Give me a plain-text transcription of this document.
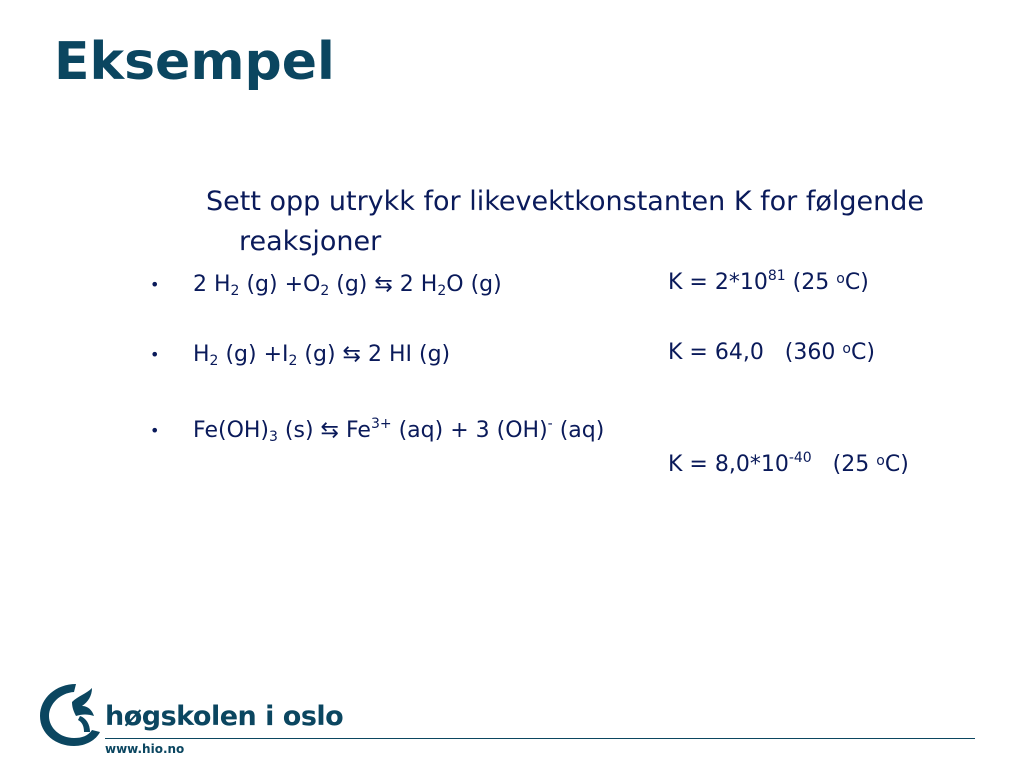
Eksempel
Sett opp utrykk for likevektkonstanten K for følgende
reaksjoner
• 2 $H_2$ $(g) +O_2$ (g) ⇆ 2 $H_2O$ (g)	$K = 2*10^{81}$ (25 $^o$C)
• $H_2$ $(g) +I_2$ (g) ⇆ 2 HI (g)	K = 64,0   (360 $^o$C)
• $Fe(OH)_3$ (s) ⇆ $Fe^{3+}$ (aq) + 3 (OH)- (aq)
$K = 8,0*10^{-40}$   (25 $^o$C)
høgskolen i oslo
www.hio.no
